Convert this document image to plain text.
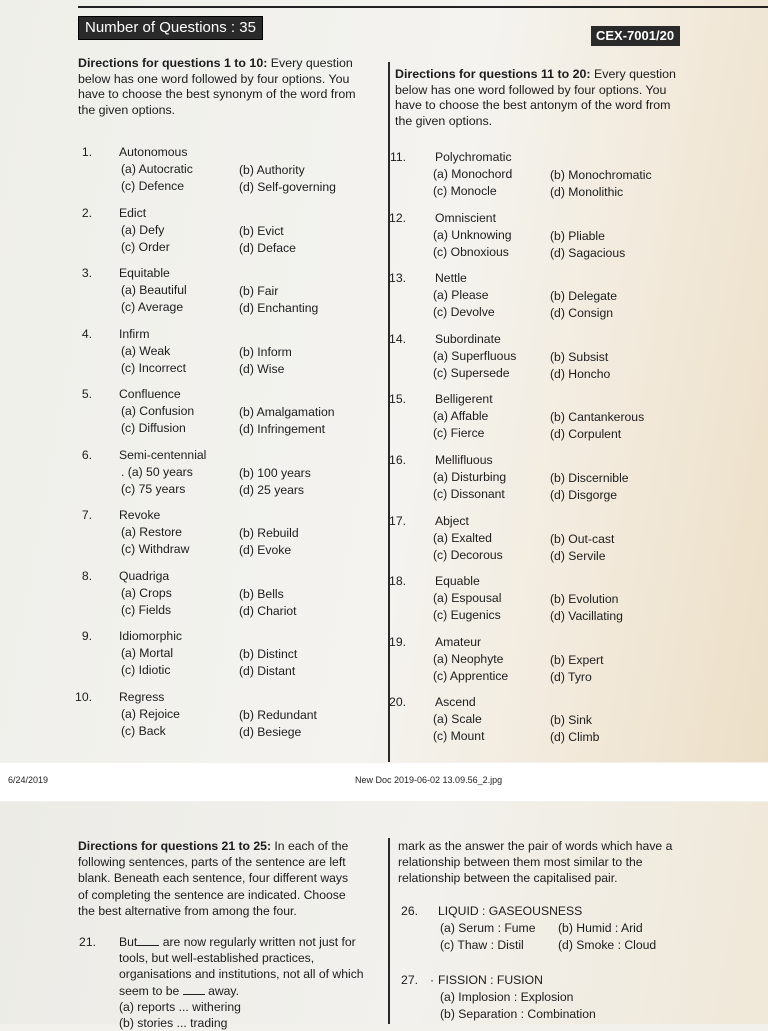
Number of Questions : 35	CEX-7001/20
Directions for questions 1 to 10: Every question
below has one word followed by four options. You
have to choose the best synonym of the word from
the given options.
Directions for questions 11 to 20: Every question
below has one word followed by four options. You
have to choose the best antonym of the word from
the given options.
1. Autonomous
(a) Autocratic	(b) Authority
(c) Defence	(d) Self-governing
2. Edict
(a) Defy	(b) Evict
(c) Order	(d) Deface
3. Equitable
(a) Beautiful	(b) Fair
(c) Average	(d) Enchanting
4. Infirm
(a) Weak	(b) Inform
(c) Incorrect	(d) Wise
5. Confluence
(a) Confusion	(b) Amalgamation
(c) Diffusion	(d) Infringement
6. Semi-centennial
. (a) 50 years	(b) 100 years
(c) 75 years	(d) 25 years
7. Revoke
(a) Restore	(b) Rebuild
(c) Withdraw	(d) Evoke
8. Quadriga
(a) Crops	(b) Bells
(c) Fields	(d) Chariot
9. Idiomorphic
(a) Mortal	(b) Distinct
(c) Idiotic	(d) Distant
10. Regress
(a) Rejoice	(b) Redundant
(c) Back	(d) Besiege
11. Polychromatic
(a) Monochord	(b) Monochromatic
(c) Monocle	(d) Monolithic
12. Omniscient
(a) Unknowing	(b) Pliable
(c) Obnoxious	(d) Sagacious
13. Nettle
(a) Please	(b) Delegate
(c) Devolve	(d) Consign
14. Subordinate
(a) Superfluous	(b) Subsist
(c) Supersede	(d) Honcho
15. Belligerent
(a) Affable	(b) Cantankerous
(c) Fierce	(d) Corpulent
16. Mellifluous
(a) Disturbing	(b) Discernible
(c) Dissonant	(d) Disgorge
17. Abject
(a) Exalted	(b) Out-cast
(c) Decorous	(d) Servile
18. Equable
(a) Espousal	(b) Evolution
(c) Eugenics	(d) Vacillating
19. Amateur
(a) Neophyte	(b) Expert
(c) Apprentice	(d) Tyro
20. Ascend
(a) Scale	(b) Sink
(c) Mount	(d) Climb
6/24/2019	New Doc 2019-06-02 13.09.56_2.jpg
Directions for questions 21 to 25: In each of the
following sentences, parts of the sentence are left
blank. Beneath each sentence, four different ways
of completing the sentence are indicated. Choose
the best alternative from among the four.
21. But are now regularly written not just for
tools, but well-established practices,
organisations and institutions, not all of which
seem to be away.
(a) reports ... withering
mark as the answer the pair of words which have a
relationship between them most similar to the
relationship between the capitalised pair.
26. LIQUID : GASEOUSNESS
(a) Serum : Fume (b) Humid : Arid
(c) Thaw : Distil	(d) Smoke : Cloud
27. · FISSION : FUSION
(a) Implosion : Explosion
(b) Separation : Combination
